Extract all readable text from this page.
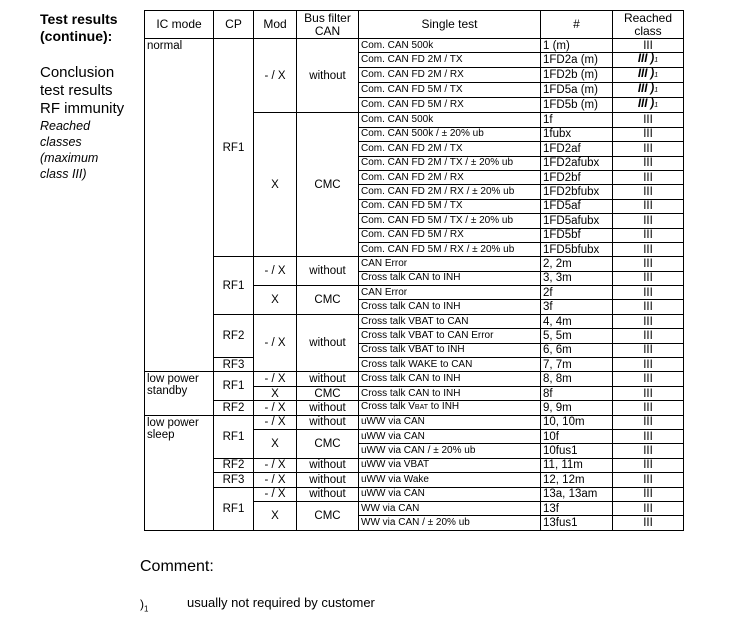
Test results
(continue):
Conclusion
test results
RF immunity
Reached
classes
(maximum
class III)
IC mode	CP	Mod	Bus filter
CAN	Single test	#	Reached
class
normal	RF1	- / X	without	Com. CAN 500k	1 (m)	III
				Com. CAN FD 2M / TX	1FD2a (m)	III )1
				Com. CAN FD 2M / RX	1FD2b (m)	III )1
				Com. CAN FD 5M / TX	1FD5a (m)	III )1
				Com. CAN FD 5M / RX	1FD5b (m)	III )1
		X	CMC	Com. CAN 500k	1f	III
				Com. CAN 500k / ± 20% ub	1fubx	III
				Com. CAN FD 2M / TX	1FD2af	III
				Com. CAN FD 2M / TX / ± 20% ub	1FD2afubx	III
				Com. CAN FD 2M / RX	1FD2bf	III
				Com. CAN FD 2M / RX / ± 20% ub	1FD2bfubx	III
				Com. CAN FD 5M / TX	1FD5af	III
				Com. CAN FD 5M / TX / ± 20% ub	1FD5afubx	III
				Com. CAN FD 5M / RX	1FD5bf	III
				Com. CAN FD 5M / RX / ± 20% ub	1FD5bfubx	III
	RF1	- / X	without	CAN Error	2, 2m	III
				Cross talk CAN to INH	3, 3m	III
		X	CMC	CAN Error	2f	III
				Cross talk CAN to INH	3f	III
	RF2	- / X	without	Cross talk VBAT to CAN	4, 4m	III
				Cross talk VBAT to CAN Error	5, 5m	III
				Cross talk VBAT to INH	6, 6m	III
	RF3			Cross talk WAKE to CAN	7, 7m	III
low power
standby	RF1	- / X	without	Cross talk CAN to INH	8, 8m	III
		X	CMC	Cross talk CAN to INH	8f	III
	RF2	- / X	without	Cross talk VBAT to INH	9, 9m	III
low power
sleep	RF1	- / X	without	uWW via CAN	10, 10m	III
		X	CMC	uWW via CAN	10f	III
				uWW via CAN / ± 20% ub	10fus1	III
	RF2	- / X	without	uWW via VBAT	11, 11m	III
	RF3	- / X	without	uWW via Wake	12, 12m	III
	RF1	- / X	without	uWW via CAN	13a, 13am	III
		X	CMC	WW via CAN	13f	III
				WW via CAN / ± 20% ub	13fus1	III
Comment:
)$_1$	usually not required by customer
